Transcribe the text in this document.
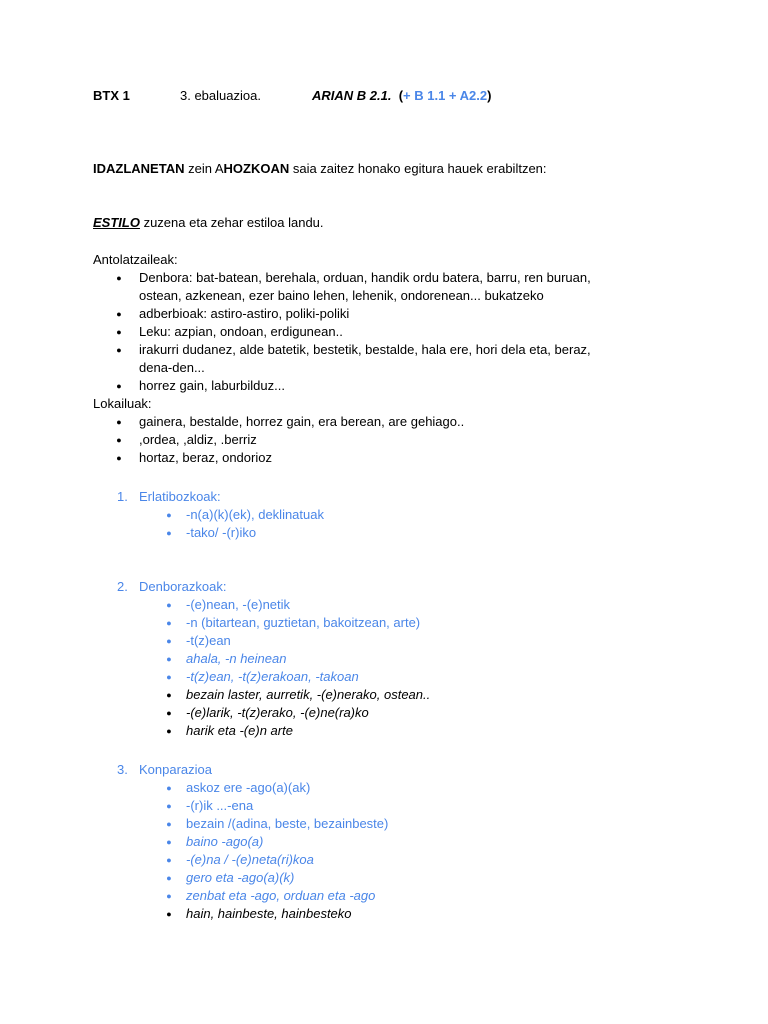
BTX 1	3. ebaluazioa.	ARIAN B 2.1. (+ B 1.1 + A2.2)
IDAZLANETAN zein AHOZKOAN saia zaitez honako egitura hauek erabiltzen:
ESTILO zuzena eta zehar estiloa landu.
Antolatzaileak:
Lokailuak:
● Denbora: bat-batean, berehala, orduan, handik ordu batera, barru, ren buruan,
ostean, azkenean, ezer baino lehen, lehenik, ondorenean... bukatzeko
● adberbioak: astiro-astiro, poliki-poliki
● Leku: azpian, ondoan, erdigunean..
● irakurri dudanez, alde batetik, bestetik, bestalde, hala ere, hori dela eta, beraz,
dena-den...
● horrez gain, laburbilduz...
● gainera, bestalde, horrez gain, era berean, are gehiago..
● ,ordea, ,aldiz, .berriz
● hortaz, beraz, ondorioz
1. Erlatibozkoak:
● -n(a)(k)(ek), deklinatuak
● -tako/ -(r)iko
2. Denborazkoak:
● -(e)nean, -(e)netik
● -n (bitartean, guztietan, bakoitzean, arte)
● -t(z)ean
● ahala, -n heinean
● -t(z)ean, -t(z)erakoan, -takoan
● bezain laster, aurretik, -(e)nerako, ostean..
● -(e)larik, -t(z)erako, -(e)ne(ra)ko
● harik eta -(e)n arte
3. Konparazioa
● askoz ere -ago(a)(ak)
● -(r)ik ...-ena
● bezain /(adina, beste, bezainbeste)
● baino -ago(a)
● -(e)na / -(e)neta(ri)koa
● gero eta -ago(a)(k)
● zenbat eta -ago, orduan eta -ago
● hain, hainbeste, hainbesteko
